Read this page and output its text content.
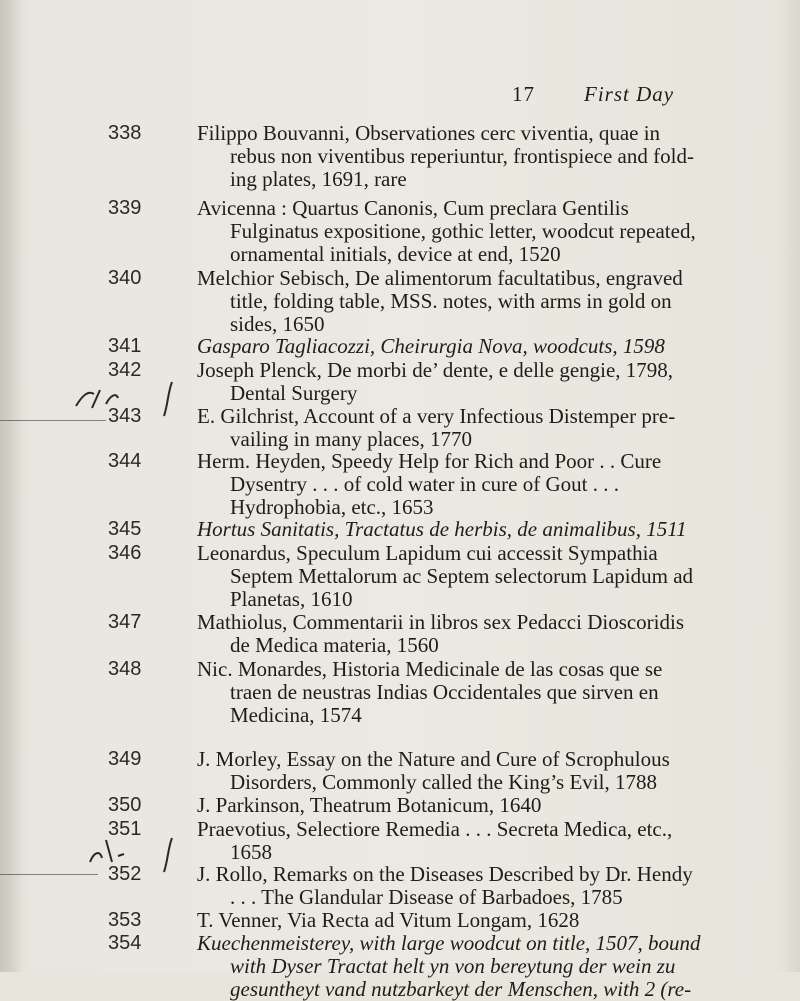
17 First Day
338
339
340
341
342
343
344
345
346
347
348
349
350
351
352
353
354
Filippo Bouvanni, Observationes cerc viventia, quae in
rebus non viventibus reperiuntur, frontispiece and fold-
ing plates, 1691, rare
Avicenna : Quartus Canonis, Cum preclara Gentilis
Fulginatus expositione, gothic letter, woodcut repeated,
ornamental initials, device at end, 1520
Melchior Sebisch, De alimentorum facultatibus, engraved
title, folding table, MSS. notes, with arms in gold on
sides, 1650
Gasparo Tagliacozzi, Cheirurgia Nova, woodcuts, 1598
Joseph Plenck, De morbi de’ dente, e delle gengie, 1798,
Dental Surgery
E. Gilchrist, Account of a very Infectious Distemper pre-
vailing in many places, 1770
Herm. Heyden, Speedy Help for Rich and Poor . . Cure
Dysentry . . . of cold water in cure of Gout . . .
Hydrophobia, etc., 1653
Hortus Sanitatis, Tractatus de herbis, de animalibus, 1511
Leonardus, Speculum Lapidum cui accessit Sympathia
Septem Mettalorum ac Septem selectorum Lapidum ad
Planetas, 1610
Mathiolus, Commentarii in libros sex Pedacci Dioscoridis
de Medica materia, 1560
Nic. Monardes, Historia Medicinale de las cosas que se
traen de neustras Indias Occidentales que sirven en
Medicina, 1574
J. Morley, Essay on the Nature and Cure of Scrophulous
Disorders, Commonly called the King’s Evil, 1788
J. Parkinson, Theatrum Botanicum, 1640
Praevotius, Selectiore Remedia . . . Secreta Medica, etc.,
1658
J. Rollo, Remarks on the Diseases Described by Dr. Hendy
. . . The Glandular Disease of Barbadoes, 1785
T. Venner, Via Recta ad Vitum Longam, 1628
Kuechenmeisterey, with large woodcut on title, 1507, bound
with Dyser Tractat helt yn von bereytung der wein zu
gesuntheyt vand nutzbarkeyt der Menschen, with 2 (re-
